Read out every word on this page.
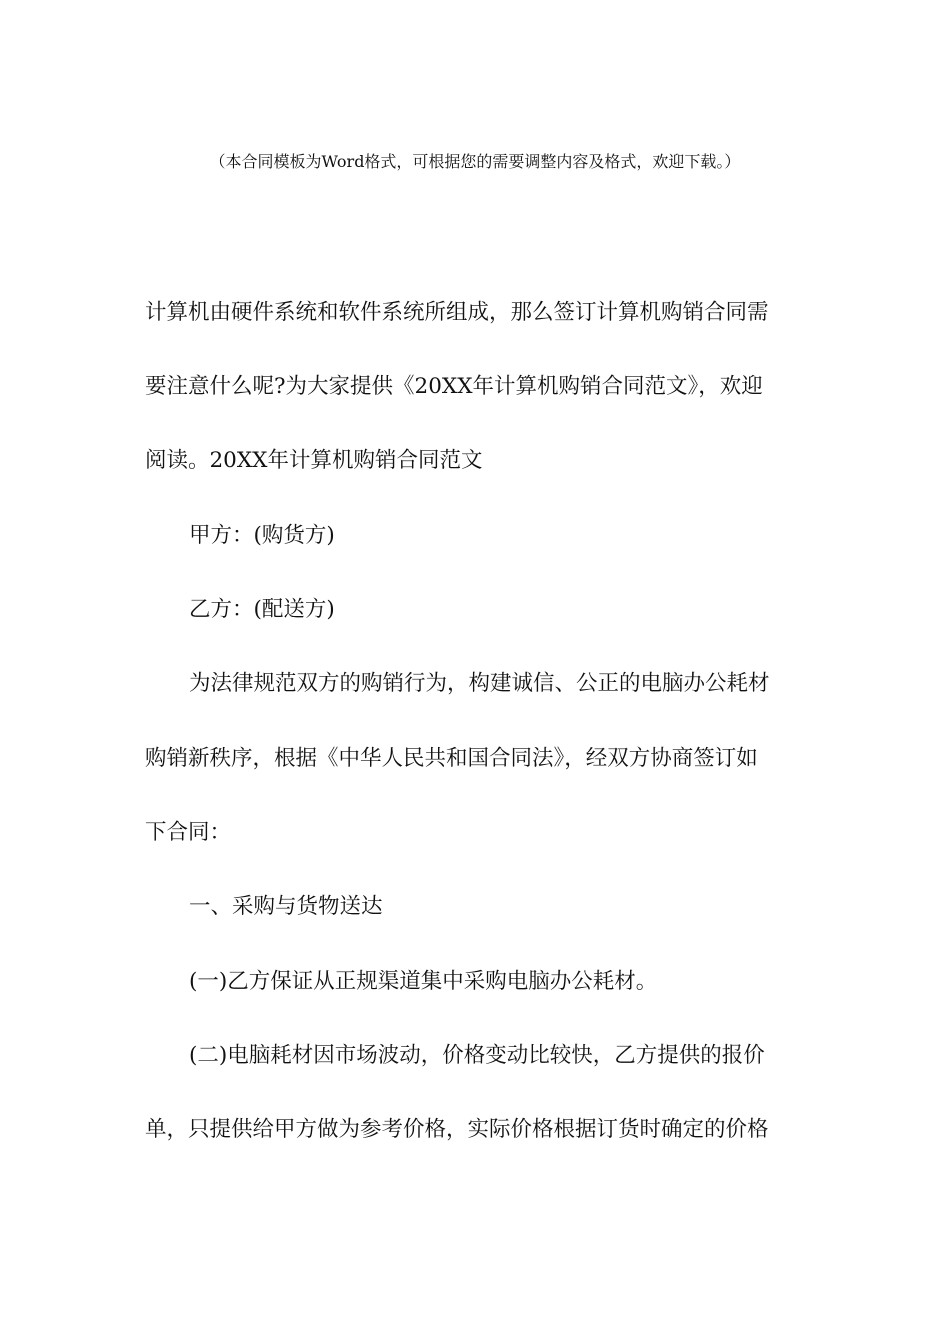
（本合同模板为Word格式，可根据您的需要调整内容及格式，欢迎下载。）
计算机由硬件系统和软件系统所组成，那么签订计算机购销合同需
要注意什么呢?为大家提供《20XX年计算机购销合同范文》，欢迎
阅读。20XX年计算机购销合同范文
甲方：(购货方)
乙方：(配送方)
为法律规范双方的购销行为，构建诚信、公正的电脑办公耗材
购销新秩序，根据《中华人民共和国合同法》，经双方协商签订如
下合同：
一、采购与货物送达
(一)乙方保证从正规渠道集中采购电脑办公耗材。
(二)电脑耗材因市场波动，价格变动比较快，乙方提供的报价
单，只提供给甲方做为参考价格，实际价格根据订货时确定的价格
